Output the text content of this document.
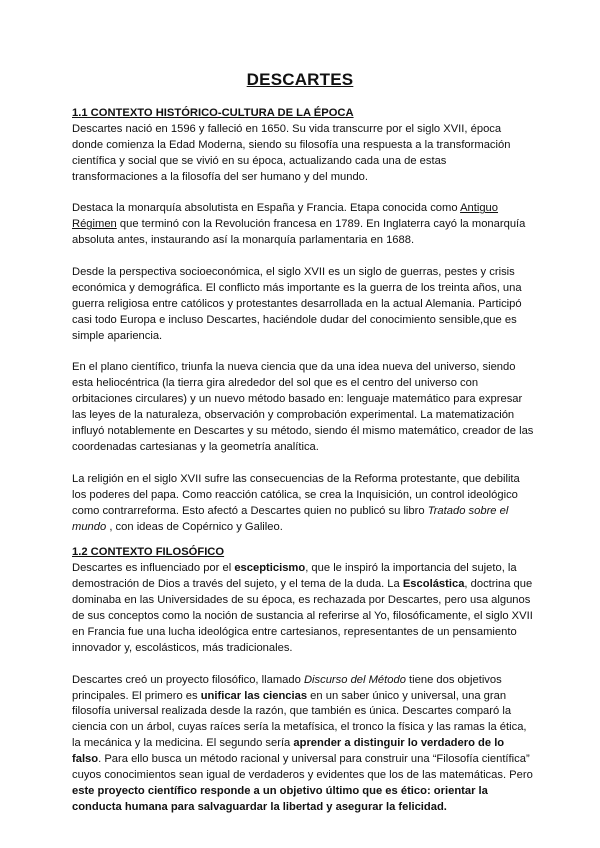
DESCARTES
1.1 CONTEXTO HISTÓRICO-CULTURA DE LA ÉPOCA

Descartes nació en 1596 y falleció en 1650. Su vida transcurre por el siglo XVII, época donde comienza la Edad Moderna, siendo su filosofía una respuesta a la transformación científica y social que se vivió en su época, actualizando cada una de estas transformaciones a la filosofía del ser humano y del mundo.

Destaca la monarquía absolutista en España y Francia. Etapa conocida como Antiguo Régimen que terminó con la Revolución francesa en 1789. En Inglaterra cayó la monarquía absoluta antes, instaurando así la monarquía parlamentaria en 1688.

Desde la perspectiva socioeconómica, el siglo XVII es un siglo de guerras, pestes y crisis económica y demográfica. El conflicto más importante es la guerra de los treinta años, una guerra religiosa entre católicos y protestantes desarrollada en la actual Alemania. Participó casi todo Europa e incluso Descartes, haciéndole dudar del conocimiento sensible,que es simple apariencia.

En el plano científico, triunfa la nueva ciencia que da una idea nueva del universo, siendo esta heliocéntrica (la tierra gira alrededor del sol que es el centro del universo con orbitaciones circulares) y un nuevo método basado en: lenguaje matemático para expresar las leyes de la naturaleza, observación y comprobación experimental. La matematización influyó notablemente en Descartes y su método, siendo él mismo matemático, creador de las coordenadas cartesianas y la geometría analítica.

La religión en el siglo XVII sufre las consecuencias de la Reforma protestante, que debilita los poderes del papa. Como reacción católica, se crea la Inquisición, un control ideológico como contrarreforma. Esto afectó a Descartes quien no publicó su libro Tratado sobre el mundo , con ideas de Copérnico y Galileo.

1.2 CONTEXTO FILOSÓFICO

Descartes es influenciado por el escepticismo, que le inspiró la importancia del sujeto, la demostración de Dios a través del sujeto, y el tema de la duda. La Escolástica, doctrina que dominaba en las Universidades de su época, es rechazada por Descartes, pero usa algunos de sus conceptos como la noción de sustancia al referirse al Yo, filosóficamente, el siglo XVII en Francia fue una lucha ideológica entre cartesianos, representantes de un pensamiento innovador y, escolásticos, más tradicionales.

Descartes creó un proyecto filosófico, llamado Discurso del Método tiene dos objetivos principales. El primero es unificar las ciencias en un saber único y universal, una gran filosofía universal realizada desde la razón, que también es única. Descartes comparó la ciencia con un árbol, cuyas raíces sería la metafísica, el tronco la física y las ramas la ética, la mecánica y la medicina. El segundo sería aprender a distinguir lo verdadero de lo falso. Para ello busca un método racional y universal para construir una “Filosofía científica” cuyos conocimientos sean igual de verdaderos y evidentes que los de las matemáticas. Pero este proyecto científico responde a un objetivo último que es ético: orientar la conducta humana para salvaguardar la libertad y asegurar la felicidad.
